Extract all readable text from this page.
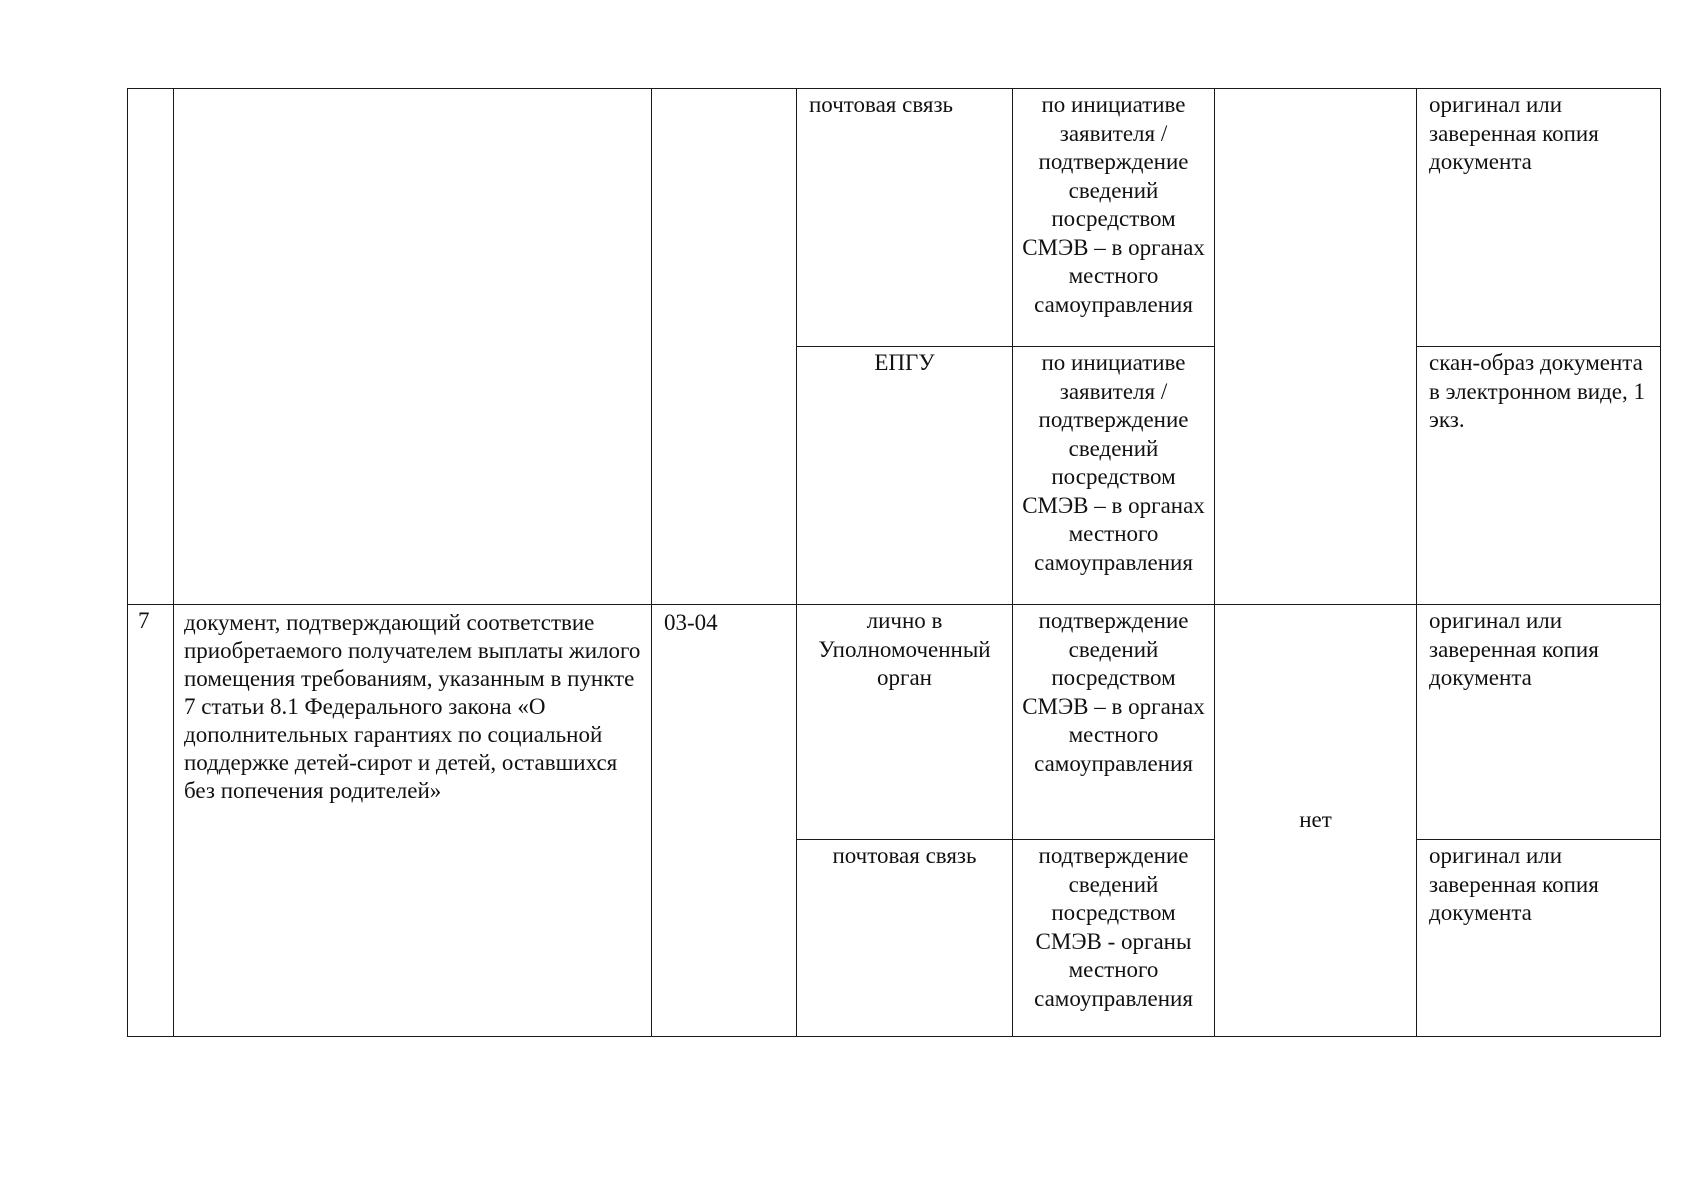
			почтовая связь	по инициативе заявителя /подтверждение сведений посредством СМЭВ – в органах местного самоуправления		оригинал или заверенная копия документа
			ЕПГУ	по инициативе заявителя /подтверждение сведений посредством СМЭВ – в органах местного самоуправления		скан-образ документа в электронном виде, 1 экз.
7	документ, подтверждающий соответствие приобретаемого получателем выплаты жилого помещения требованиям, указанным в пункте 7 статьи 8.1 Федерального закона «О дополнительных гарантиях по социальной поддержке детей-сирот и детей, оставшихся без попечения родителей»	03-04	лично в Уполномоченный орган	подтверждение сведений посредством СМЭВ – в органах местного самоуправления	нет	оригинал или заверенная копия документа
			почтовая связь	подтверждение сведений посредством СМЭВ - органы местного самоуправления		оригинал или заверенная копия документа
